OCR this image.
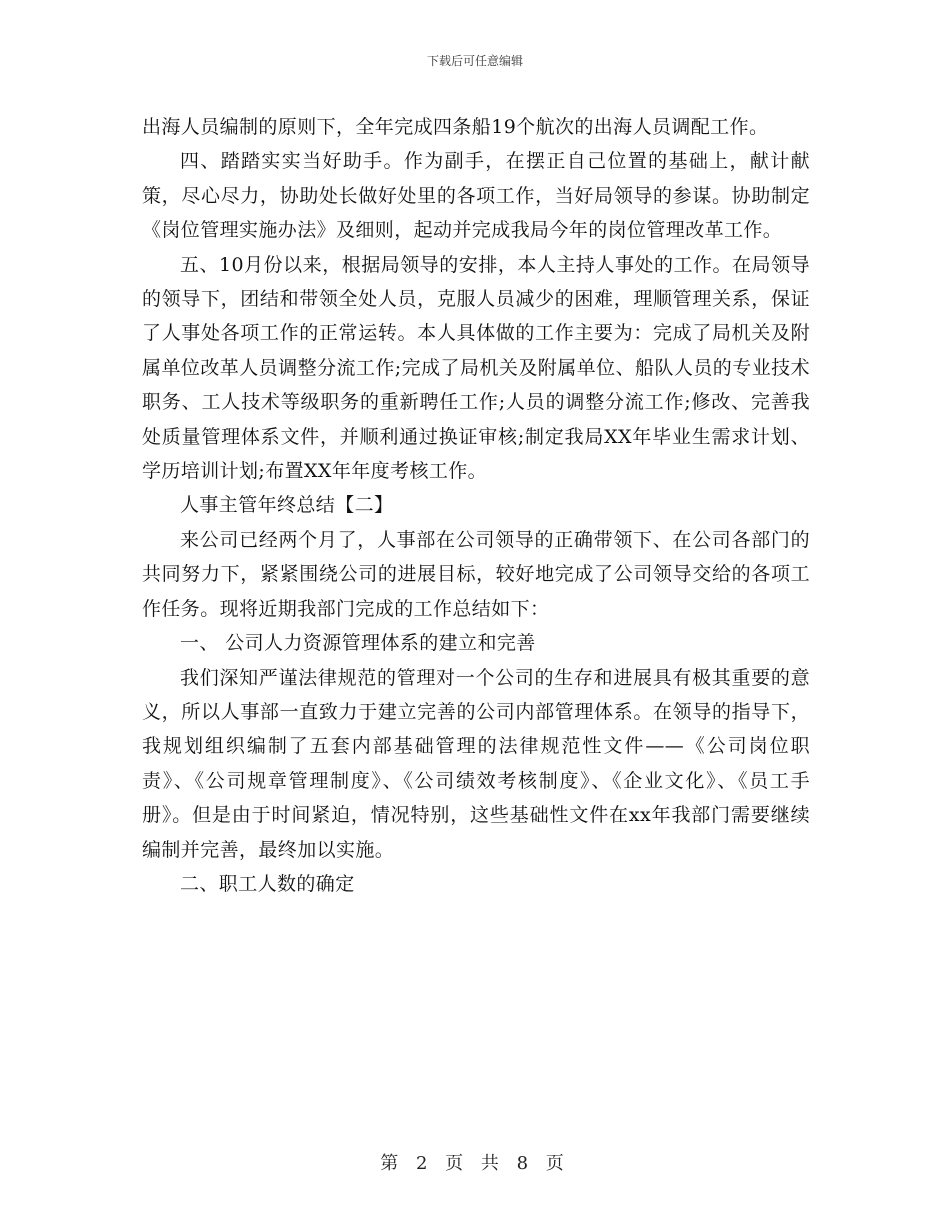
下载后可任意编辑

出海人员编制的原则下，全年完成四条船19个航次的出海人员调配工作。

四、踏踏实实当好助手。作为副手，在摆正自己位置的基础上，献计献策，尽心尽力，协助处长做好处里的各项工作，当好局领导的参谋。协助制定《岗位管理实施办法》及细则，起动并完成我局今年的岗位管理改革工作。

五、10月份以来，根据局领导的安排，本人主持人事处的工作。在局领导的领导下，团结和带领全处人员，克服人员减少的困难，理顺管理关系，保证了人事处各项工作的正常运转。本人具体做的工作主要为：完成了局机关及附属单位改革人员调整分流工作;完成了局机关及附属单位、船队人员的专业技术职务、工人技术等级职务的重新聘任工作;人员的调整分流工作;修改、完善我处质量管理体系文件，并顺利通过换证审核;制定我局XX年毕业生需求计划、学历培训计划;布置XX年年度考核工作。

人事主管年终总结【二】

来公司已经两个月了，人事部在公司领导的正确带领下、在公司各部门的共同努力下，紧紧围绕公司的进展目标，较好地完成了公司领导交给的各项工作任务。现将近期我部门完成的工作总结如下：

一、 公司人力资源管理体系的建立和完善

我们深知严谨法律规范的管理对一个公司的生存和进展具有极其重要的意义，所以人事部一直致力于建立完善的公司内部管理体系。在领导的指导下，我规划组织编制了五套内部基础管理的法律规范性文件——《公司岗位职责》、《公司规章管理制度》、《公司绩效考核制度》、《企业文化》、《员工手册》。但是由于时间紧迫，情况特别，这些基础性文件在xx年我部门需要继续编制并完善，最终加以实施。

二、职工人数的确定

第 2 页 共 8 页
